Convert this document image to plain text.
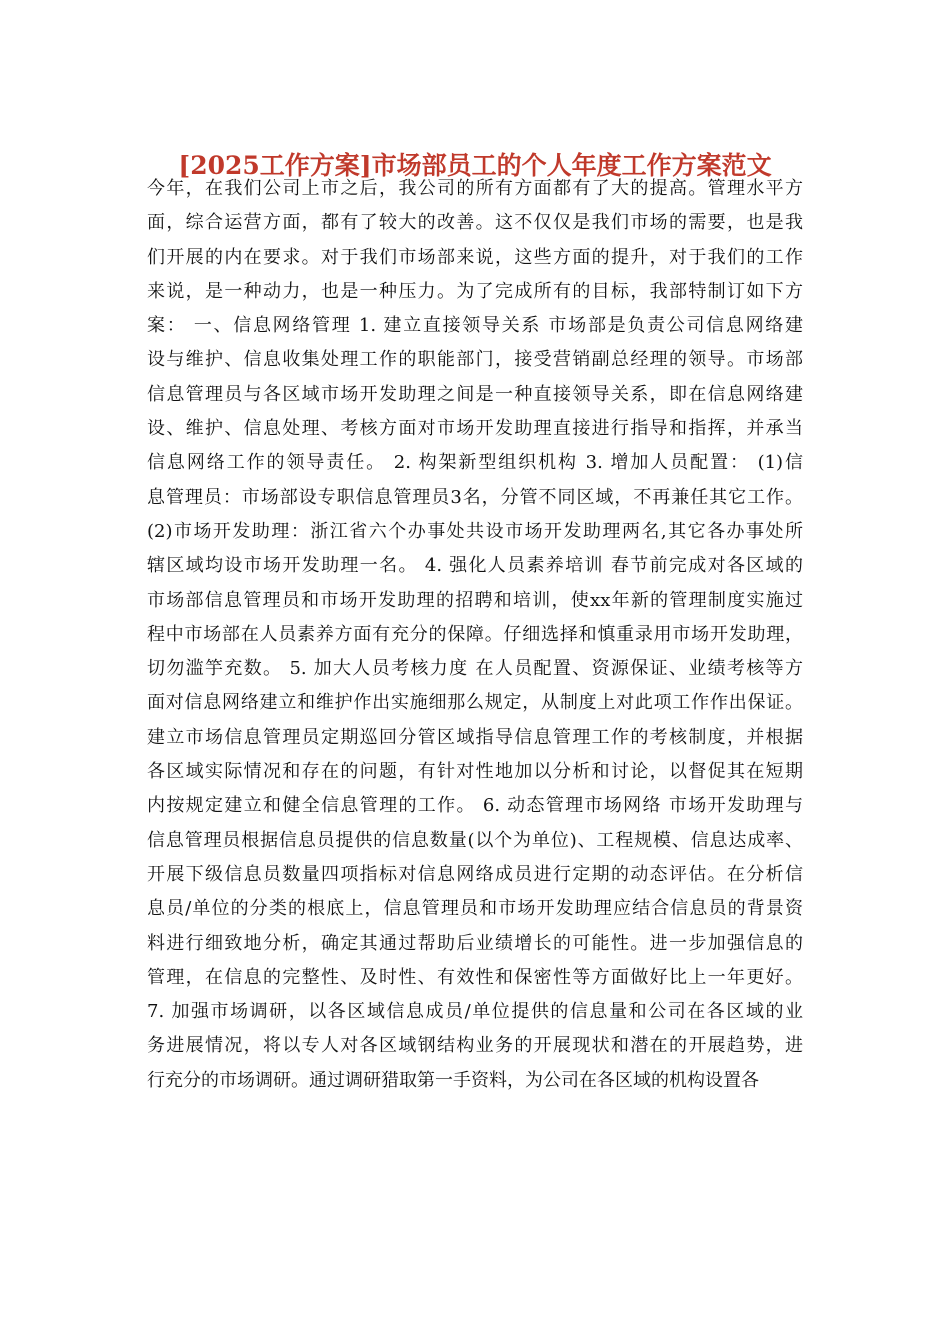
[2025工作方案]市场部员工的个人年度工作方案范文
今年，在我们公司上市之后，我公司的所有方面都有了大的提高。管理水平方
面，综合运营方面，都有了较大的改善。这不仅仅是我们市场的需要，也是我
们开展的内在要求。对于我们市场部来说，这些方面的提升，对于我们的工作
来说，是一种动力，也是一种压力。为了完成所有的目标，我部特制订如下方
案： 一、信息网络管理 1. 建立直接领导关系 市场部是负责公司信息网络建
设与维护、信息收集处理工作的职能部门，接受营销副总经理的领导。市场部
信息管理员与各区域市场开发助理之间是一种直接领导关系，即在信息网络建
设、维护、信息处理、考核方面对市场开发助理直接进行指导和指挥，并承当
信息网络工作的领导责任。 2. 构架新型组织机构 3. 增加人员配置： (1)信
息管理员：市场部设专职信息管理员3名，分管不同区域，不再兼任其它工作。
(2)市场开发助理：浙江省六个办事处共设市场开发助理两名,其它各办事处所
辖区域均设市场开发助理一名。 4. 强化人员素养培训 春节前完成对各区域的
市场部信息管理员和市场开发助理的招聘和培训，使xx年新的管理制度实施过
程中市场部在人员素养方面有充分的保障。仔细选择和慎重录用市场开发助理，
切勿滥竽充数。 5. 加大人员考核力度 在人员配置、资源保证、业绩考核等方
面对信息网络建立和维护作出实施细那么规定，从制度上对此项工作作出保证。
建立市场信息管理员定期巡回分管区域指导信息管理工作的考核制度，并根据
各区域实际情况和存在的问题，有针对性地加以分析和讨论，以督促其在短期
内按规定建立和健全信息管理的工作。 6. 动态管理市场网络 市场开发助理与
信息管理员根据信息员提供的信息数量(以个为单位)、工程规模、信息达成率、
开展下级信息员数量四项指标对信息网络成员进行定期的动态评估。在分析信
息员/单位的分类的根底上，信息管理员和市场开发助理应结合信息员的背景资
料进行细致地分析，确定其通过帮助后业绩增长的可能性。进一步加强信息的
管理，在信息的完整性、及时性、有效性和保密性等方面做好比上一年更好。
7. 加强市场调研，以各区域信息成员/单位提供的信息量和公司在各区域的业
务进展情况，将以专人对各区域钢结构业务的开展现状和潜在的开展趋势，进
行充分的市场调研。通过调研猎取第一手资料，为公司在各区域的机构设置各
